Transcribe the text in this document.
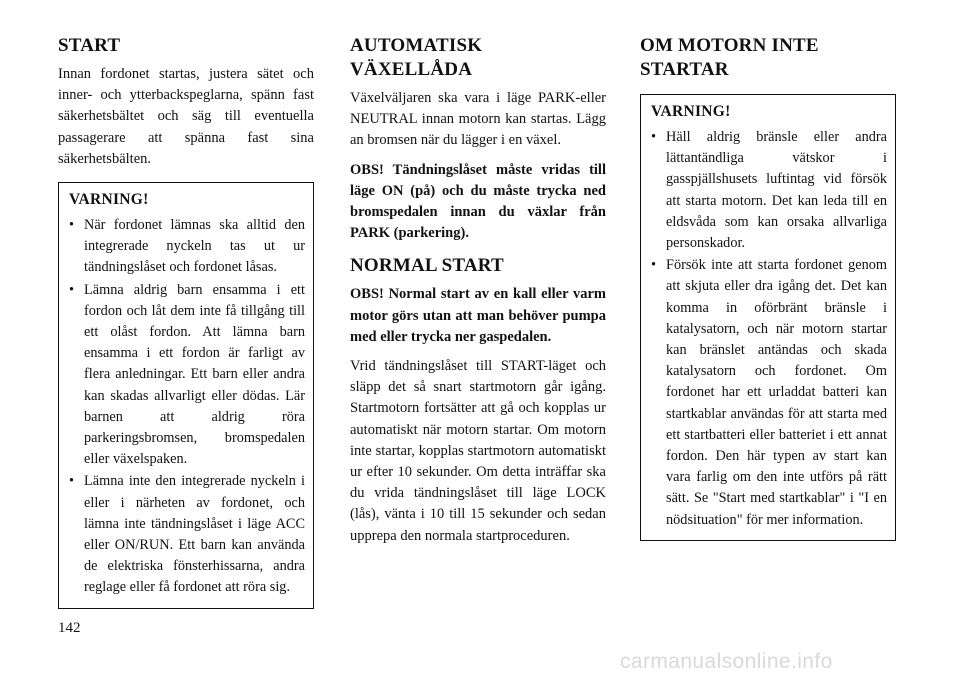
START

Innan fordonet startas, justera sätet och inner- och ytterbackspeglarna, spänn fast säkerhetsbältet och säg till eventuella passagerare att spänna fast sina säkerhetsbälten.

VARNING!
• När fordonet lämnas ska alltid den integrerade nyckeln tas ut ur tändningslåset och fordonet låsas.
• Lämna aldrig barn ensamma i ett fordon och låt dem inte få tillgång till ett olåst fordon. Att lämna barn ensamma i ett fordon är farligt av flera anledningar. Ett barn eller andra kan skadas allvarligt eller dödas. Lär barnen att aldrig röra parkeringsbromsen, bromspedalen eller växelspaken.
• Lämna inte den integrerade nyckeln i eller i närheten av fordonet, och lämna inte tändningslåset i läge ACC eller ON/RUN. Ett barn kan använda de elektriska fönsterhissarna, andra reglage eller få fordonet att röra sig.
AUTOMATISK VÄXELLÅDA

Växelväljaren ska vara i läge PARK-eller NEUTRAL innan motorn kan startas. Lägg an bromsen när du lägger i en växel.

OBS! Tändningslåset måste vridas till läge ON (på) och du måste trycka ned bromspedalen innan du växlar från PARK (parkering).

NORMAL START

OBS! Normal start av en kall eller varm motor görs utan att man behöver pumpa med eller trycka ner gaspedalen.

Vrid tändningslåset till START-läget och släpp det så snart startmotorn går igång. Startmotorn fortsätter att gå och kopplas ur automatiskt när motorn startar. Om motorn inte startar, kopplas startmotorn automatiskt ur efter 10 sekunder. Om detta inträffar ska du vrida tändningslåset till läge LOCK (lås), vänta i 10 till 15 sekunder och sedan upprepa den normala startproceduren.

OM MOTORN INTE STARTAR
VARNING!
• Häll aldrig bränsle eller andra lättantändliga vätskor i gasspjällshusets luftintag vid försök att starta motorn. Det kan leda till en eldsvåda som kan orsaka allvarliga personskador.
• Försök inte att starta fordonet genom att skjuta eller dra igång det. Det kan komma in oförbränt bränsle i katalysatorn, och när motorn startar kan bränslet antändas och skada katalysatorn och fordonet. Om fordonet har ett urladdat batteri kan startkablar användas för att starta med ett startbatteri eller batteriet i ett annat fordon. Den här typen av start kan vara farlig om den inte utförs på rätt sätt. Se "Start med startkablar" i "I en nödsituation" för mer information.
142
carmanualsonline.info
